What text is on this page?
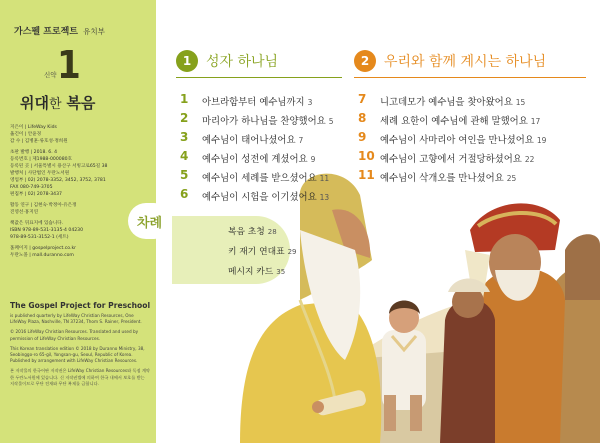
가스펠 프로젝트 유치부
신약 1
위대한 복음
지은이 | LifeWay Kids
옮긴이 | 안윤경
감 수 | 김병훈·류호성·정희원
초판 발행 | 2018. 6. 4
등록번호 | 제1988-000080호
등록된 곳 | 서울특별시 용산구 서빙고로65길 38
발행처 | 사단법인 두란노서원
영업부 | 02) 2078-3352, 3452, 3752, 3781
FAX 080-749-3705
편집부 | 02) 2078-3437
활동 연구 | 김현숙·박정아·유은정
진영선·홍지연
책값은 뒤표지에 있습니다.
ISBN 978-89-531-3135-4 04230
978-89-531-3152-1 (세트)
홈페이지 | gospelproject.co.kr
두란노몰 | mall.duranno.com
The Gospel Project for Preschool

is published quarterly by LifeWay Christian Resources, One LifeWay Plaza, Nashville, TN 37234, Thom S. Rainer, President.

© 2016 LifeWay Christian Resources. Translated and used by permission of LifeWay Christian Resources.

This Korean translation edition © 2018 by Duranno Ministry, 38, Seobinggo-ro 65-gil, Yongsan-gu, Seoul, Republic of Korea. Published by arrangement with LifeWay Christian Resources.

본 저작물의 한국어판 저작권은 LifeWay Christian Resources와 독점 계약한 두란노서원에 있습니다. 신 저작권법에 의하여 한국 내에서 보호를 받는 저작물이므로 무단 전재와 무단 복제를 금합니다.

차례
1	성자 하나님
1	아브라함부터 예수님까지 3
2	마리아가 하나님을 찬양했어요 5
3	예수님이 태어나셨어요 7
4	예수님이 성전에 계셨어요 9
5	예수님이 세례를 받으셨어요 11
6	예수님이 시험을 이기셨어요 13
2	우리와 함께 계시는 하나님
7	니고데모가 예수님을 찾아왔어요 15
8	세례 요한이 예수님에 관해 말했어요 17
9	예수님이 사마리아 여인을 만나셨어요 19
10 예수님이 고향에서 거절당하셨어요 22
11 예수님이 삭개오를 만나셨어요 25
복음 초청 28
키 재기 연대표 29
메시지 카드 35
